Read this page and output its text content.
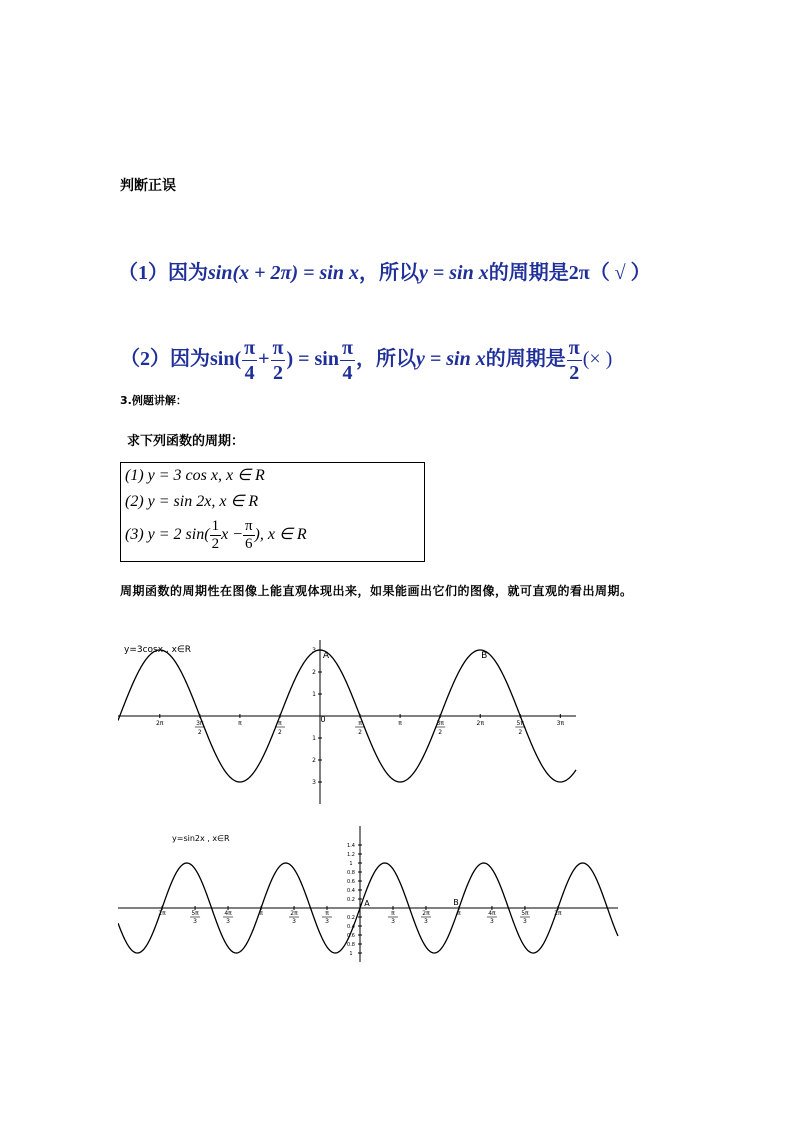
判断正误
（1）因为sin(x + 2π) = sin x，所以y = sin x的周期是2π（ √ ）
（2）因为$\sin( \frac{\pi}{4} + \frac{\pi}{2}$ ) = $\sin \frac{\pi}{4}$ ，所以y = sin x的周期是 $\frac{\pi}{2}$ (× )
3.例题讲解：
求下列函数的周期：
(1) y = 3 cos x, x ∈ R
(2) y = sin 2x, x ∈ R
(3) y = 2 $\sin( \frac{1}{2}$ $x - \frac{\pi}{6}$ ), x ∈ R
周期函数的周期性在图像上能直观体现出来，如果能画出它们的图像，就可直观的看出周期。
2π	3π
2
π	π
2
0	π
2
π	3π
2
2π	5π
2
3π
3
2
1
1
2
3
y=3cosx , x∈R
A	B
2π	5π
3
4π
3
π	2π
3
π
3
π
3
2π
3
π	4π
3
5π
3
2π
1.4
1.2
1
0.8
0.6
0.4
0.2
0.2
0.4
0.6
0.8
1
y=sin2x , x∈R
A	B
